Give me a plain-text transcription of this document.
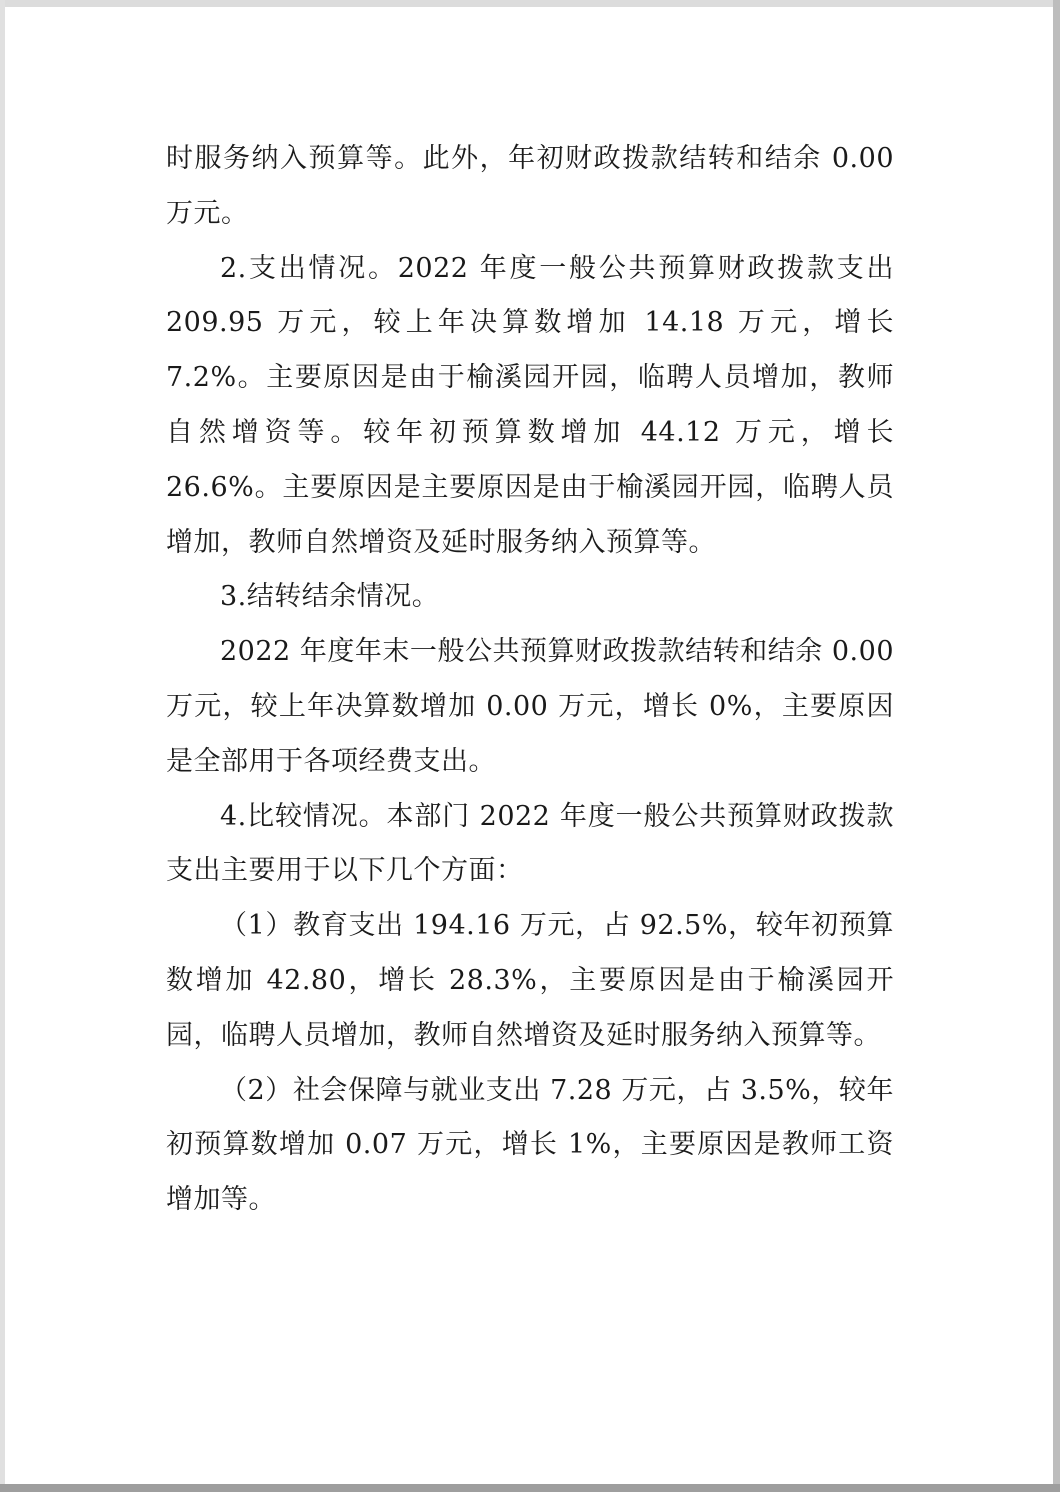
时服务纳入预算等。此外，年初财政拨款结转和结余 0.00 万元。

2.支出情况。2022 年度一般公共预算财政拨款支出 209.95 万元，较上年决算数增加 14.18 万元，增长 7.2%。主要原因是由于榆溪园开园，临聘人员增加，教师自然增资等。较年初预算数增加 44.12 万元，增长 26.6%。主要原因是主要原因是由于榆溪园开园，临聘人员增加，教师自然增资及延时服务纳入预算等。

3.结转结余情况。

2022 年度年末一般公共预算财政拨款结转和结余 0.00 万元，较上年决算数增加 0.00 万元，增长 0%，主要原因是全部用于各项经费支出。

4.比较情况。本部门 2022 年度一般公共预算财政拨款支出主要用于以下几个方面：

（1）教育支出 194.16 万元，占 92.5%，较年初预算数增加 42.80，增长 28.3%，主要原因是由于榆溪园开园，临聘人员增加，教师自然增资及延时服务纳入预算等。

（2）社会保障与就业支出 7.28 万元，占 3.5%，较年初预算数增加 0.07 万元，增长 1%，主要原因是教师工资增加等。
